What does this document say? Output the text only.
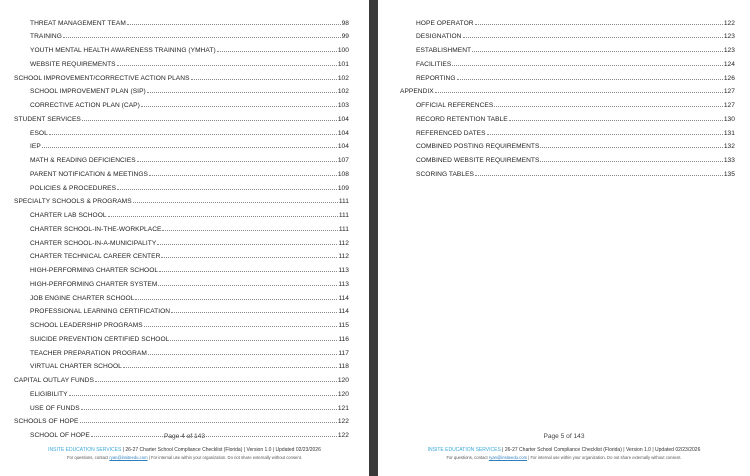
THREAT MANAGEMENT TEAM	98
TRAINING	99
YOUTH MENTAL HEALTH AWARENESS TRAINING (YMHAT)	100
WEBSITE REQUIREMENTS	101
SCHOOL IMPROVEMENT/CORRECTIVE ACTION PLANS	102
SCHOOL IMPROVEMENT PLAN (SIP)	102
CORRECTIVE ACTION PLAN (CAP)	103
STUDENT SERVICES	104
ESOL	104
IEP	104
MATH & READING DEFICIENCIES	107
PARENT NOTIFICATION & MEETINGS	108
POLICIES & PROCEDURES	109
SPECIALTY SCHOOLS & PROGRAMS	111
CHARTER LAB SCHOOL	111
CHARTER SCHOOL-IN-THE-WORKPLACE	111
CHARTER SCHOOL-IN-A-MUNICIPALITY	112
CHARTER TECHNICAL CAREER CENTER	112
HIGH-PERFORMING CHARTER SCHOOL	113
HIGH-PERFORMING CHARTER SYSTEM	113
JOB ENGINE CHARTER SCHOOL	114
PROFESSIONAL LEARNING CERTIFICATION	114
SCHOOL LEADERSHIP PROGRAMS	115
SUICIDE PREVENTION CERTIFIED SCHOOL	116
TEACHER PREPARATION PROGRAM	117
VIRTUAL CHARTER SCHOOL	118
CAPITAL OUTLAY FUNDS	120
ELIGIBILITY	120
USE OF FUNDS	121
SCHOOLS OF HOPE	122
SCHOOL OF HOPE	122
Page 4 of 143
INSITE EDUCATION SERVICES | 26-27 Charter School Compliance Checklist (Florida) | Version 1.0 | Updated 02/23/2026
For questions, contact ryan@insiteedu.com | For internal use within your organization. Do not share externally without consent.
HOPE OPERATOR	122
DESIGNATION	123
ESTABLISHMENT	123
FACILITIES	124
REPORTING	126
APPENDIX	127
OFFICIAL REFERENCES	127
RECORD RETENTION TABLE	130
REFERENCED DATES	131
COMBINED POSTING REQUIREMENTS	132
COMBINED WEBSITE REQUIREMENTS	133
SCORING TABLES	135
Page 5 of 143
INSITE EDUCATION SERVICES | 26-27 Charter School Compliance Checklist (Florida) | Version 1.0 | Updated 02/23/2026
For questions, contact ryan@insiteedu.com | For internal use within your organization. Do not share externally without consent.
